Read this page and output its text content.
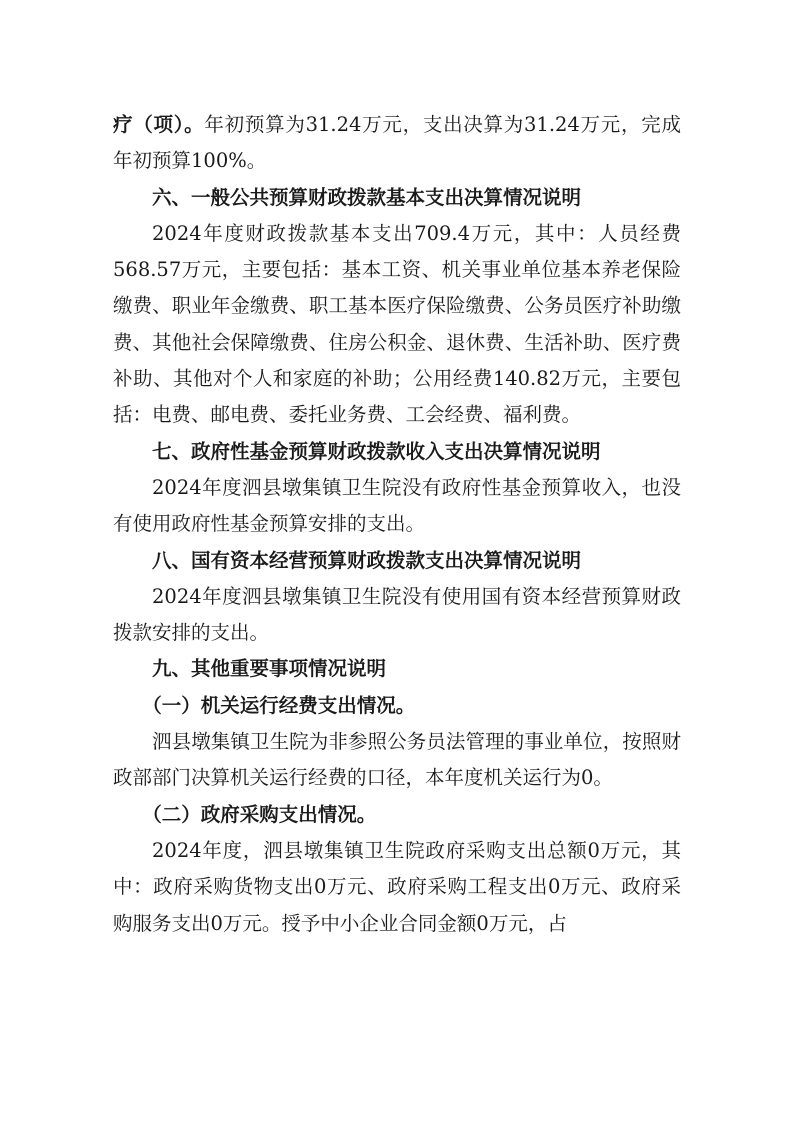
疗（项）。年初预算为31.24万元，支出决算为31.24万元，完成年初预算100%。

六、一般公共预算财政拨款基本支出决算情况说明

2024年度财政拨款基本支出709.4万元，其中：人员经费568.57万元，主要包括：基本工资、机关事业单位基本养老保险缴费、职业年金缴费、职工基本医疗保险缴费、公务员医疗补助缴费、其他社会保障缴费、住房公积金、退休费、生活补助、医疗费补助、其他对个人和家庭的补助；公用经费140.82万元，主要包括：电费、邮电费、委托业务费、工会经费、福利费。

七、政府性基金预算财政拨款收入支出决算情况说明

2024年度泗县墩集镇卫生院没有政府性基金预算收入，也没有使用政府性基金预算安排的支出。

八、国有资本经营预算财政拨款支出决算情况说明

2024年度泗县墩集镇卫生院没有使用国有资本经营预算财政拨款安排的支出。

九、其他重要事项情况说明

（一）机关运行经费支出情况。

泗县墩集镇卫生院为非参照公务员法管理的事业单位，按照财政部部门决算机关运行经费的口径，本年度机关运行为0。

（二）政府采购支出情况。

2024年度，泗县墩集镇卫生院政府采购支出总额0万元，其中：政府采购货物支出0万元、政府采购工程支出0万元、政府采购服务支出0万元。授予中小企业合同金额0万元，占
